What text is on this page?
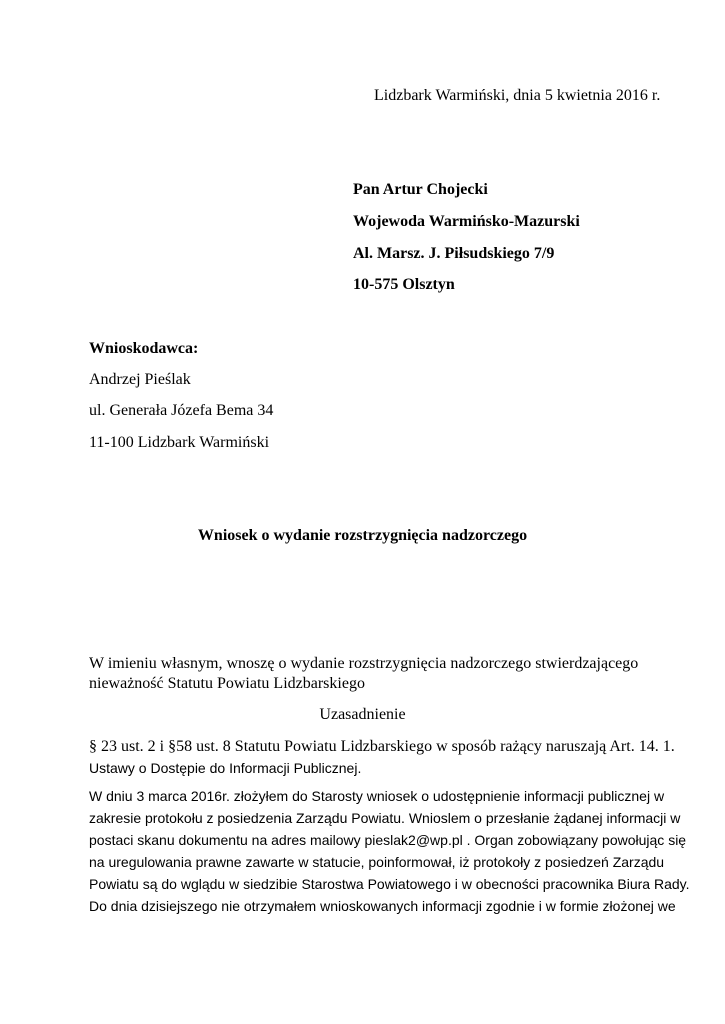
Lidzbark Warmiński, dnia 5 kwietnia 2016 r.
Pan Artur Chojecki
Wojewoda Warmińsko-Mazurski
Al. Marsz. J. Piłsudskiego 7/9
10-575 Olsztyn
Wnioskodawca:
Andrzej Pieślak
ul. Generała Józefa Bema 34
11-100 Lidzbark Warmiński
Wniosek o wydanie rozstrzygnięcia nadzorczego
W imieniu własnym, wnoszę o wydanie rozstrzygnięcia nadzorczego stwierdzającego
nieważność Statutu Powiatu Lidzbarskiego
Uzasadnienie
§ 23 ust. 2 i §58 ust. 8 Statutu Powiatu Lidzbarskiego w sposób rażący naruszają Art. 14. 1.
Ustawy o Dostępie do Informacji Publicznej.
W dniu 3 marca 2016r. złożyłem do Starosty wniosek o udostępnienie informacji publicznej w
zakresie protokołu z posiedzenia Zarządu Powiatu. Wnioslem o przesłanie żądanej informacji w
postaci skanu dokumentu na adres mailowy pieslak2@wp.pl . Organ zobowiązany powołując się
na uregulowania prawne zawarte w statucie, poinformował, iż protokoły z posiedzeń Zarządu
Powiatu są do wglądu w siedzibie Starostwa Powiatowego i w obecności pracownika Biura Rady.
Do dnia dzisiejszego nie otrzymałem wnioskowanych informacji zgodnie i w formie złożonej we
